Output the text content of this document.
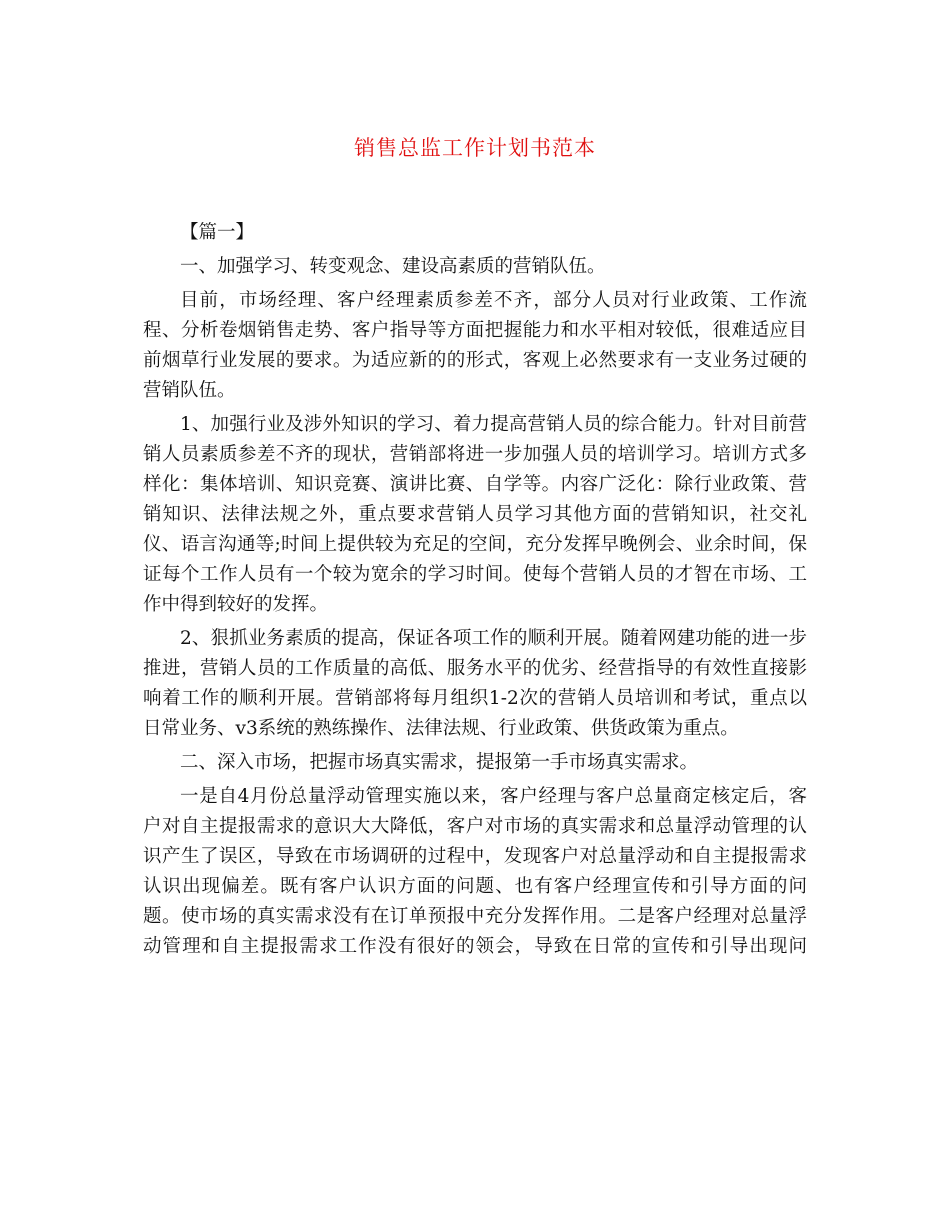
销售总监工作计划书范本
【篇一】
一、加强学习、转变观念、建设高素质的营销队伍。
目前，市场经理、客户经理素质参差不齐，部分人员对行业政策、工作流
程、分析卷烟销售走势、客户指导等方面把握能力和水平相对较低，很难适应目
前烟草行业发展的要求。为适应新的的形式，客观上必然要求有一支业务过硬的
营销队伍。
1、加强行业及涉外知识的学习、着力提高营销人员的综合能力。针对目前营
销人员素质参差不齐的现状，营销部将进一步加强人员的培训学习。培训方式多
样化：集体培训、知识竞赛、演讲比赛、自学等。内容广泛化：除行业政策、营
销知识、法律法规之外，重点要求营销人员学习其他方面的营销知识，社交礼
仪、语言沟通等;时间上提供较为充足的空间，充分发挥早晚例会、业余时间，保
证每个工作人员有一个较为宽余的学习时间。使每个营销人员的才智在市场、工
作中得到较好的发挥。
2、狠抓业务素质的提高，保证各项工作的顺利开展。随着网建功能的进一步
推进，营销人员的工作质量的高低、服务水平的优劣、经营指导的有效性直接影
响着工作的顺利开展。营销部将每月组织1-2次的营销人员培训和考试，重点以
日常业务、v3系统的熟练操作、法律法规、行业政策、供货政策为重点。
二、深入市场，把握市场真实需求，提报第一手市场真实需求。
一是自4月份总量浮动管理实施以来，客户经理与客户总量商定核定后，客
户对自主提报需求的意识大大降低，客户对市场的真实需求和总量浮动管理的认
识产生了误区，导致在市场调研的过程中，发现客户对总量浮动和自主提报需求
认识出现偏差。既有客户认识方面的问题、也有客户经理宣传和引导方面的问
题。使市场的真实需求没有在订单预报中充分发挥作用。二是客户经理对总量浮
动管理和自主提报需求工作没有很好的领会，导致在日常的宣传和引导出现问
